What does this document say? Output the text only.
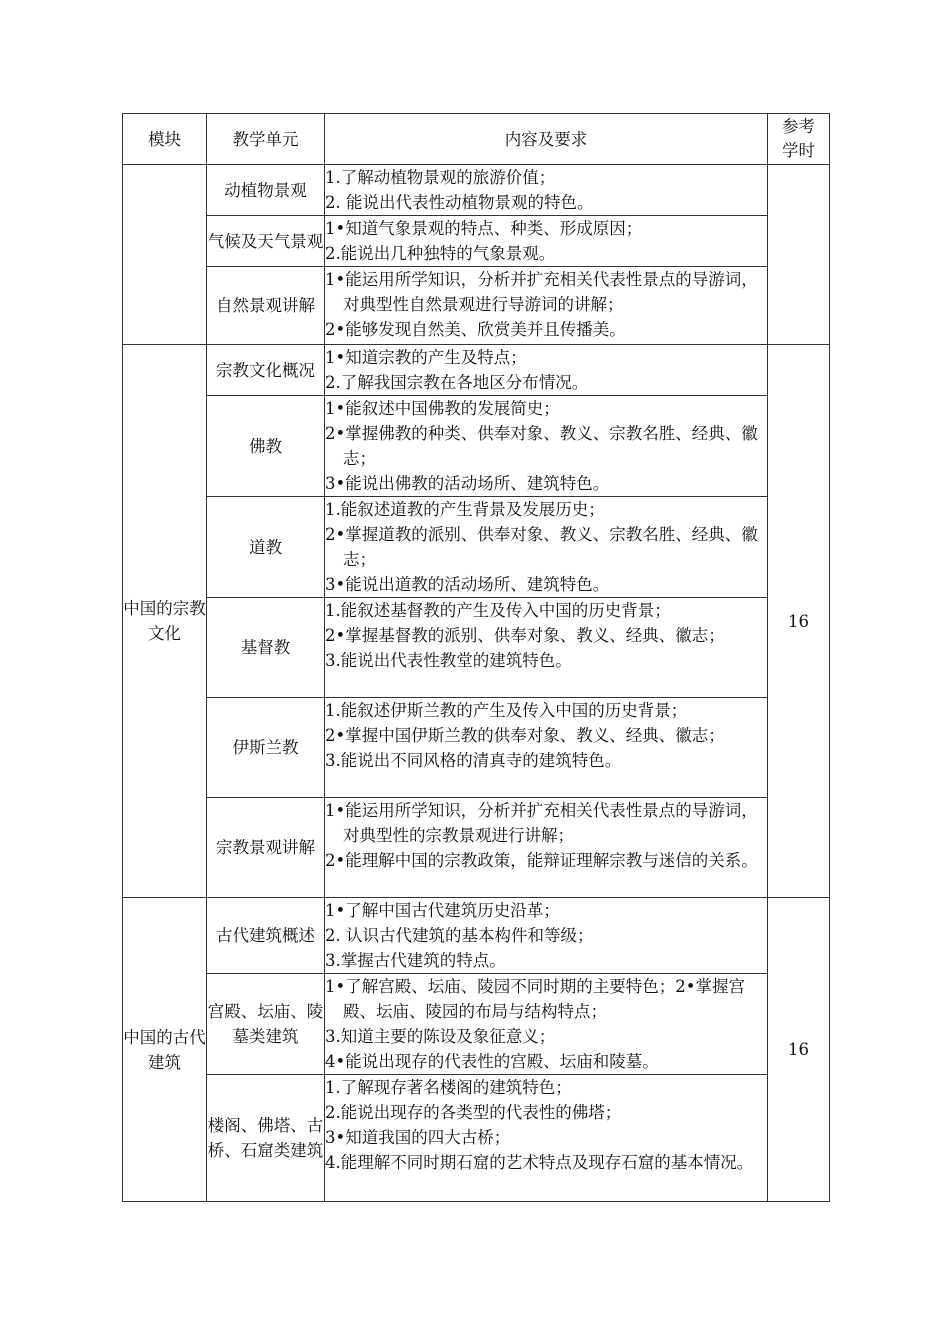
模块	教学单元	内容及要求	参考
学时
	动植物景观	1.了解动植物景观的旅游价值；
2. 能说出代表性动植物景观的特色。	

	气候及天气景观	1•知道气象景观的特点、种类、形成原因；
2.能说出几种独特的气象景观。	

	自然景观讲解	1•能运用所学知识，分析并扩充相关代表性景点的导游词，对典型性自然景观进行导游词的讲解；
2•能够发现自然美、欣赏美并且传播美。	

中国的宗教文化	宗教文化概况	1•知道宗教的产生及特点；
2.了解我国宗教在各地区分布情况。	16
	佛教	1•能叙述中国佛教的发展简史；
2•掌握佛教的种类、供奉对象、教义、宗教名胜、经典、徽志；
3•能说出佛教的活动场所、建筑特色。	

	道教	1.能叙述道教的产生背景及发展历史；
2•掌握道教的派别、供奉对象、教义、宗教名胜、经典、徽志；
3•能说出道教的活动场所、建筑特色。	

	基督教	1.能叙述基督教的产生及传入中国的历史背景；
2•掌握基督教的派别、供奉对象、教义、经典、徽志；
3.能说出代表性教堂的建筑特色。	

	伊斯兰教	1.能叙述伊斯兰教的产生及传入中国的历史背景；
2•掌握中国伊斯兰教的供奉对象、教义、经典、徽志；
3.能说出不同风格的清真寺的建筑特色。	

	宗教景观讲解	1•能运用所学知识，分析并扩充相关代表性景点的导游词，对典型性的宗教景观进行讲解；
2•能理解中国的宗教政策，能辩证理解宗教与迷信的关系。	

中国的古代建筑	古代建筑概述	1•了解中国古代建筑历史沿革；
2. 认识古代建筑的基本构件和等级；
3.掌握古代建筑的特点。	16
	宫殿、坛庙、陵墓类建筑	1•了解宫殿、坛庙、陵园不同时期的主要特色；2•掌握宫殿、坛庙、陵园的布局与结构特点；
3.知道主要的陈设及象征意义；
4•能说出现存的代表性的宫殿、坛庙和陵墓。	

	楼阁、佛塔、古桥、石窟类建筑	1.了解现存著名楼阁的建筑特色；
2.能说出现存的各类型的代表性的佛塔；
3•知道我国的四大古桥；
4.能理解不同时期石窟的艺术特点及现存石窟的基本情况。	
